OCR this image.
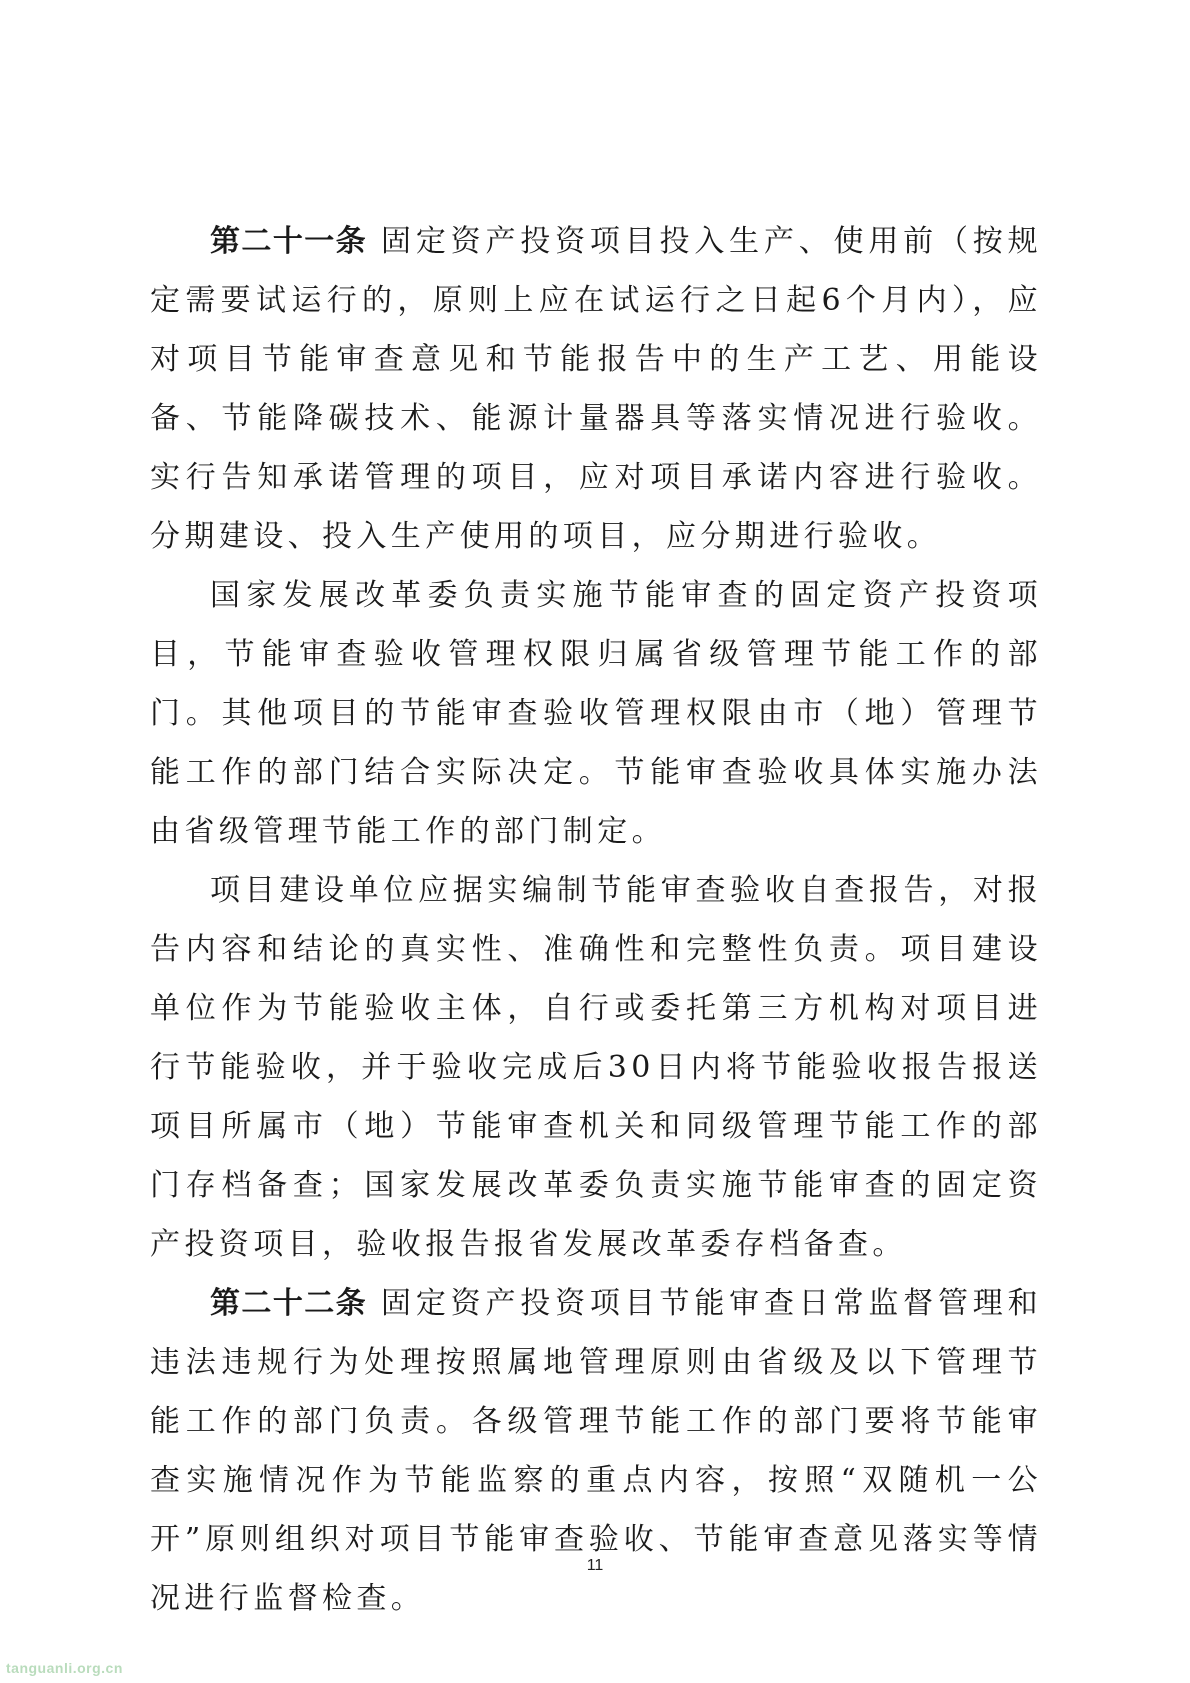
第二十一条 固定资产投资项目投入生产、使用前（按规定需要试运行的，原则上应在试运行之日起6个月内），应对项目节能审查意见和节能报告中的生产工艺、用能设备、节能降碳技术、能源计量器具等落实情况进行验收。实行告知承诺管理的项目，应对项目承诺内容进行验收。分期建设、投入生产使用的项目，应分期进行验收。

国家发展改革委负责实施节能审查的固定资产投资项目，节能审查验收管理权限归属省级管理节能工作的部门。其他项目的节能审查验收管理权限由市（地）管理节能工作的部门结合实际决定。节能审查验收具体实施办法由省级管理节能工作的部门制定。

项目建设单位应据实编制节能审查验收自查报告，对报告内容和结论的真实性、准确性和完整性负责。项目建设单位作为节能验收主体，自行或委托第三方机构对项目进行节能验收，并于验收完成后30日内将节能验收报告报送项目所属市（地）节能审查机关和同级管理节能工作的部门存档备查；国家发展改革委负责实施节能审查的固定资产投资项目，验收报告报省发展改革委存档备查。

第二十二条 固定资产投资项目节能审查日常监督管理和违法违规行为处理按照属地管理原则由省级及以下管理节能工作的部门负责。各级管理节能工作的部门要将节能审查实施情况作为节能监察的重点内容，按照“双随机一公开”原则组织对项目节能审查验收、节能审查意见落实等情况进行监督检查。

11
tanguanli.org.cn
